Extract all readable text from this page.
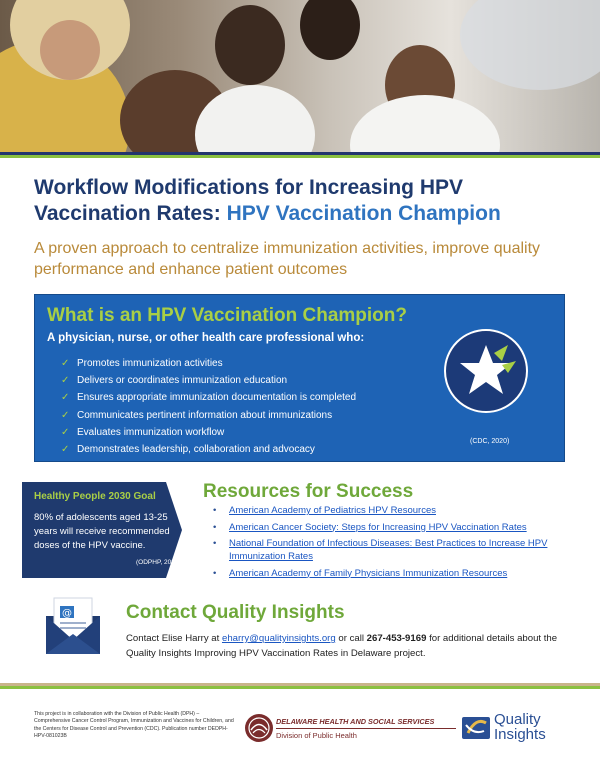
Workflow Modifications for Increasing HPV Vaccination Rates: HPV Vaccination Champion
A proven approach to centralize immunization activities, improve quality performance and enhance patient outcomes
What is an HPV Vaccination Champion?
A physician, nurse, or other health care professional who:
✓ Promotes immunization activities
✓ Delivers or coordinates immunization education
✓ Ensures appropriate immunization documentation is completed
✓ Communicates pertinent information about immunizations
✓ Evaluates immunization workflow
✓ Demonstrates leadership, collaboration and advocacy
(CDC, 2020)
Healthy People 2030 Goal
80% of adolescents aged 13-25 years will receive recommended doses of the HPV vaccine.
(ODPHP, 2020)
Resources for Success
• American Academy of Pediatrics HPV Resources
• American Cancer Society: Steps for Increasing HPV Vaccination Rates
• National Foundation of Infectious Diseases: Best Practices to Increase HPV Immunization Rates
• American Academy of Family Physicians Immunization Resources
@	Contact Quality Insights
Contact Elise Harry at eharry@qualityinsights.org or call 267-453-9169 for additional details about the Quality Insights Improving HPV Vaccination Rates in Delaware project.
This project is in collaboration with the Division of Public Health (DPH) – Comprehensive Cancer Control Program, Immunization and Vaccines for Children, and the Centers for Disease Control and Prevention (CDC). Publication number DEDPH-HPV-081023B
DELAWARE HEALTH AND SOCIAL SERVICES
Division of Public Health
Quality
Insights
